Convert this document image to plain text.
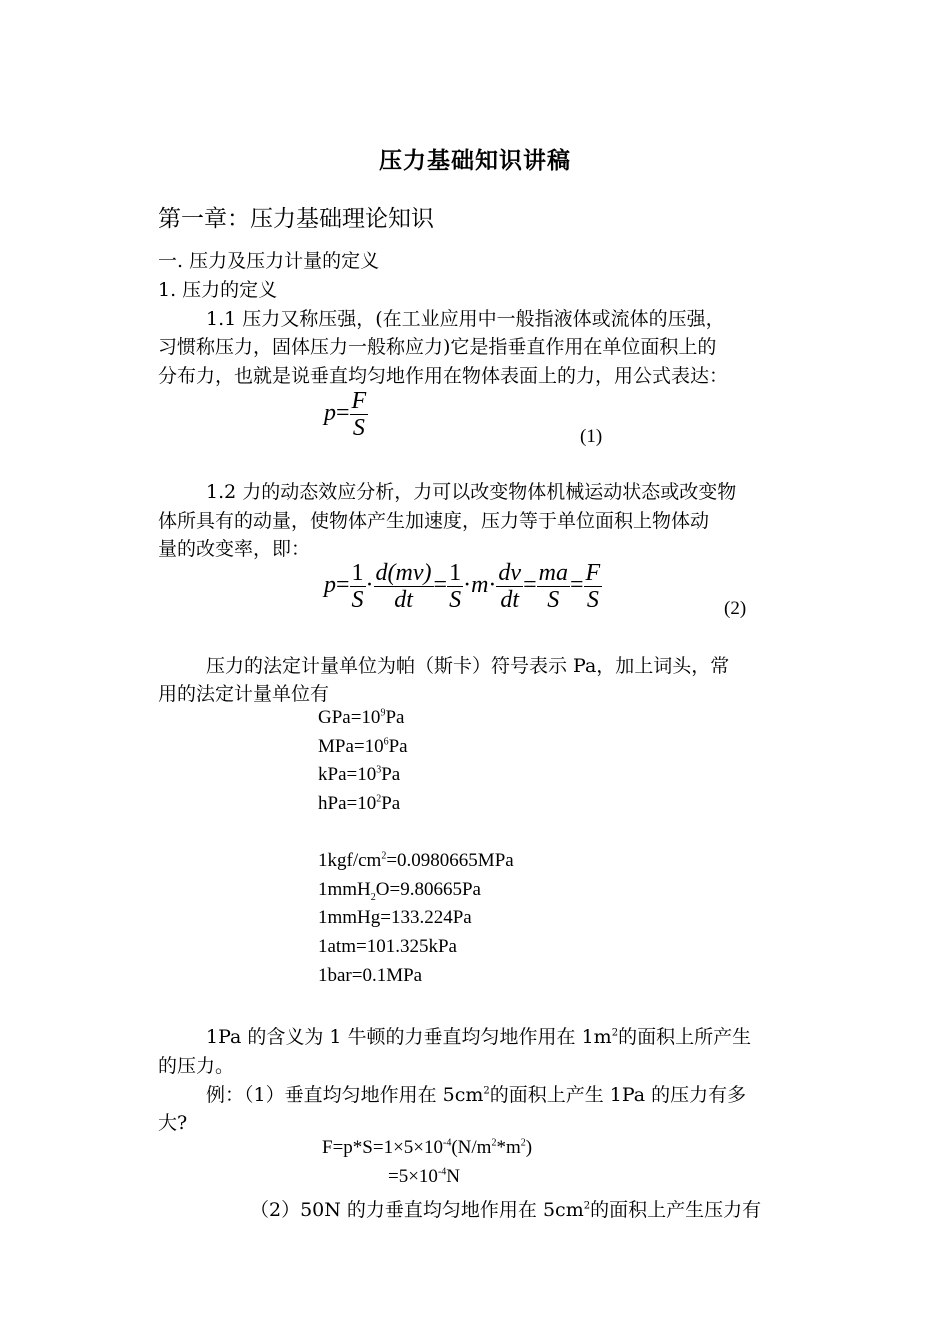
压力基础知识讲稿
第一章：压力基础理论知识
一. 压力及压力计量的定义
1. 压力的定义
1.1 压力又称压强，(在工业应用中一般指液体或流体的压强，
习惯称压力，固体压力一般称应力)它是指垂直作用在单位面积上的
分布力，也就是说垂直均匀地作用在物体表面上的力，用公式表达：
$p= \frac{F}{S}$	(1)
1.2 力的动态效应分析，力可以改变物体机械运动状态或改变物
体所具有的动量，使物体产生加速度，压力等于单位面积上物体动
量的改变率，即：
$p= \frac{1}{S} \cdot \frac{d(mv)}{dt} = \frac{1}{S} \cdot m\cdot \frac{dv}{dt} = \frac{ma}{S} = \frac{F}{S}$	(2)
压力的法定计量单位为帕（斯卡）符号表示 Pa，加上词头，常
用的法定计量单位有
$GPa=10^9Pa$
$MPa=10^6Pa$
$kPa=10^3Pa$
$hPa=10^2Pa$
$1kgf/cm^2=0.0980665MPa$
1mmH$_2$O=9.80665Pa
1mmHg=133.224Pa
1atm=101.325kPa
1bar=0.1MPa
1Pa 的含义为 1 牛顿的力垂直均匀地作用在 $1m^2$的面积上所产生
的压力。
例：（1）垂直均匀地作用在 $5cm^2$的面积上产生 1Pa 的压力有多
大?
$F=p*S=1\times 5\times 10^{-4}(N/m^2*m^2)$
$=5\times 10^{-4}N$
（2）50N 的力垂直均匀地作用在 $5cm^2$的面积上产生压力有
